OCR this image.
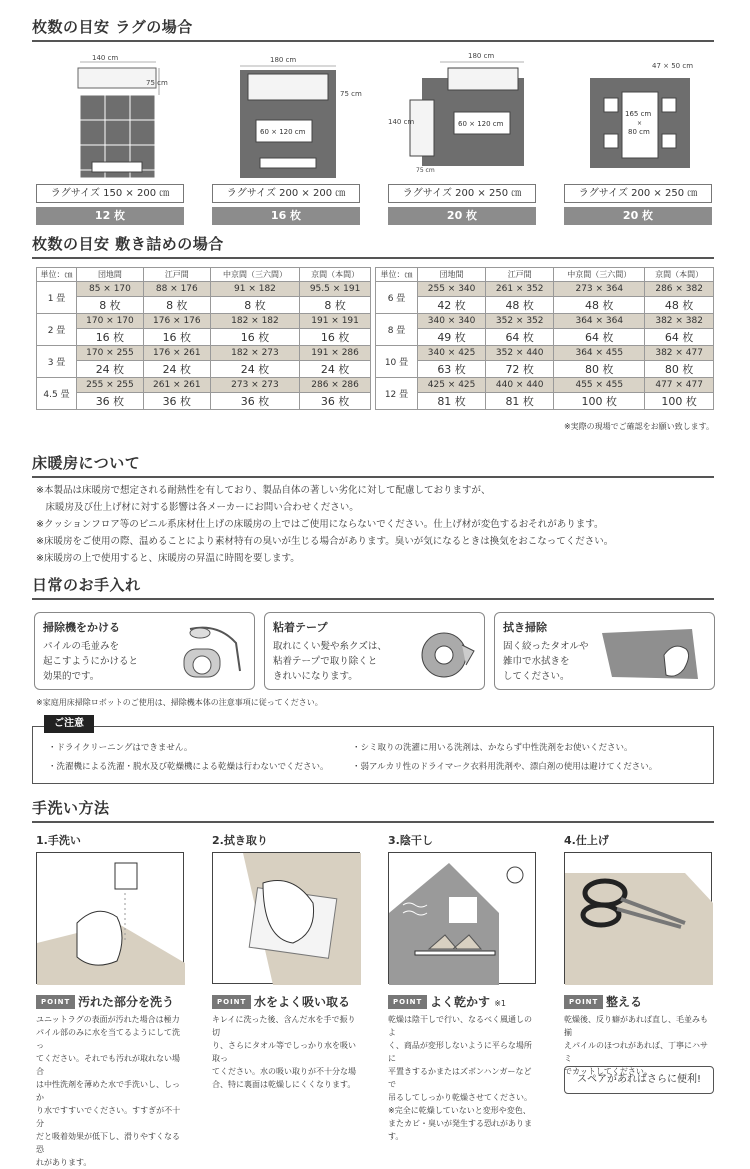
枚数の目安 ラグの場合
140 cm
75 cm
ラグサイズ 150 × 200 ㎝
12 枚
180 cm
75 cm
60 × 120 cm
ラグサイズ 200 × 200 ㎝
16 枚
180 cm
140 cm	60 × 120 cm
75 cm
ラグサイズ 200 × 250 ㎝
20 枚
47 × 50 cm
165 cm
×
80 cm
ラグサイズ 200 × 250 ㎝
20 枚
枚数の目安 敷き詰めの場合
単位：㎝	団地間	江戸間	中京間（三六間）	京間（本間）
1 畳	85 × 170	88 × 176	91 × 182	95.5 × 191
	8 枚	8 枚	8 枚	8 枚
2 畳	170 × 170	176 × 176	182 × 182	191 × 191
	16 枚	16 枚	16 枚	16 枚
3 畳	170 × 255	176 × 261	182 × 273	191 × 286
	24 枚	24 枚	24 枚	24 枚
4.5 畳	255 × 255	261 × 261	273 × 273	286 × 286
	36 枚	36 枚	36 枚	36 枚
単位：㎝	団地間	江戸間	中京間（三六間）	京間（本間）
6 畳	255 × 340	261 × 352	273 × 364	286 × 382
	42 枚	48 枚	48 枚	48 枚
8 畳	340 × 340	352 × 352	364 × 364	382 × 382
	49 枚	64 枚	64 枚	64 枚
10 畳	340 × 425	352 × 440	364 × 455	382 × 477
	63 枚	72 枚	80 枚	80 枚
12 畳	425 × 425	440 × 440	455 × 455	477 × 477
	81 枚	81 枚	100 枚	100 枚
※実際の現場でご確認をお願い致します。
床暖房について
※本製品は床暖房で想定される耐熱性を有しており、製品自体の著しい劣化に対して配慮しておりますが、
　床暖房及び仕上げ材に対する影響は各メーカーにお問い合わせください。
※クッションフロア等のビニル系床材仕上げの床暖房の上ではご使用にならないでください。仕上げ材が変色するおそれがあります。
※床暖房をご使用の際、温めることにより素材特有の臭いが生じる場合があります。臭いが気になるときは換気をおこなってください。
※床暖房の上で使用すると、床暖房の昇温に時間を要します。
日常のお手入れ
掃除機をかける
パイルの毛並みを
起こすようにかけると
効果的です。
粘着テープ
取れにくい髪や糸クズは、
粘着テープで取り除くと
きれいになります。
拭き掃除
固く絞ったタオルや
雑巾で水拭きを
してください。
※家庭用床掃除ロボットのご使用は、掃除機本体の注意事項に従ってください。
ご注意
・ドライクリーニングはできません。
・洗濯機による洗濯・脱水及び乾燥機による乾燥は行わないでください。
・シミ取りの洗濯に用いる洗剤は、かならず中性洗剤をお使いください。
・弱アルカリ性のドライマーク衣料用洗剤や、漂白剤の使用は避けてください。
手洗い方法
1.手洗い
POINT 汚れた部分を洗う
ユニットラグの表面が汚れた場合は極力
パイル部のみに水を当てるようにして洗っ
てください。それでも汚れが取れない場合
は中性洗剤を薄めた水で手洗いし、しっか
り水ですすいでください。すすぎが不十分
だと吸着効果が低下し、滑りやすくなる恐
れがあります。
2.拭き取り
POINT 水をよく吸い取る
キレイに洗った後、含んだ水を手で振り切
り、さらにタオル等でしっかり水を吸い取っ
てください。水の吸い取りが不十分な場
合、特に裏面は乾燥しにくくなります。
3.陰干し
POINT よく乾かす ※1
乾燥は陰干しで行い、なるべく風通しのよ
く、商品が変形しないように平らな場所に
平置きするかまたはズボンハンガーなどで
吊るしてしっかり乾燥させてください。
※完全に乾燥していないと変形や変色、
またカビ・臭いが発生する恐れがあります。
4.仕上げ
POINT 整える
乾燥後、反り癖があれば直し、毛並みも揃
えパイルのほつれがあれば、丁寧にハサミ
でカットしてください。
スペアがあればさらに便利!
